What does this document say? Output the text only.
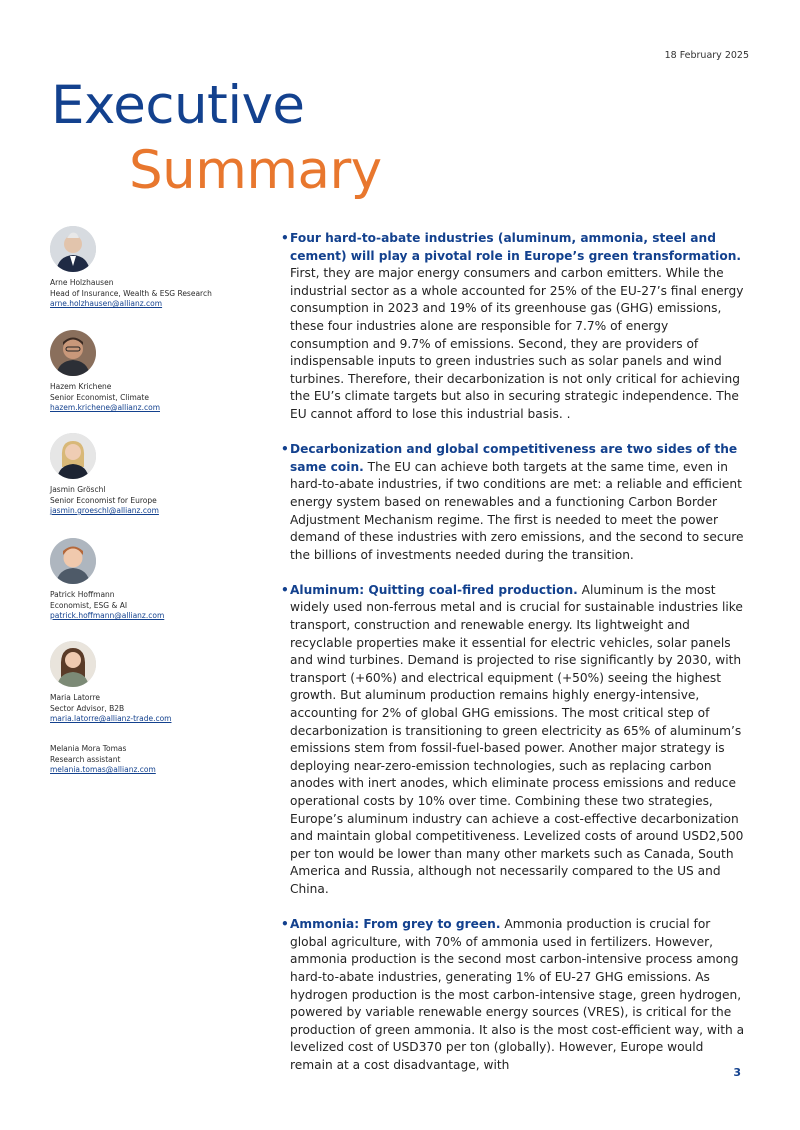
18 February 2025
Executive
Summary
Arne Holzhausen
Head of Insurance, Wealth & ESG Research
arne.holzhausen@allianz.com
Hazem Krichene
Senior Economist, Climate
hazem.krichene@allianz.com
Jasmin Gröschl
Senior Economist for Europe
jasmin.groeschl@allianz.com
Patrick Hoffmann
Economist, ESG & AI
patrick.hoffmann@allianz.com
Maria Latorre
Sector Advisor, B2B
maria.latorre@allianz-trade.com
Melania Mora Tomas
Research assistant
melania.tomas@allianz.com

• Four hard-to-abate industries (aluminum, ammonia, steel and cement) will play a pivotal role in Europe’s green transformation. First, they are major energy consumers and carbon emitters. While the industrial sector as a whole accounted for 25% of the EU-27’s final energy consumption in 2023 and 19% of its greenhouse gas (GHG) emissions, these four industries alone are responsible for 7.7% of energy consumption and 9.7% of emissions. Second, they are providers of indispensable inputs to green industries such as solar panels and wind turbines. Therefore, their decarbonization is not only critical for achieving the EU’s climate targets but also in securing strategic independence. The EU cannot afford to lose this industrial basis. .

• Decarbonization and global competitiveness are two sides of the same coin. The EU can achieve both targets at the same time, even in hard-to-abate industries, if two conditions are met: a reliable and efficient energy system based on renewables and a functioning Carbon Border Adjustment Mechanism regime. The first is needed to meet the power demand of these industries with zero emissions, and the second to secure the billions of investments needed during the transition.

• Aluminum: Quitting coal-fired production. Aluminum is the most widely used non-ferrous metal and is crucial for sustainable industries like transport, construction and renewable energy. Its lightweight and recyclable properties make it essential for electric vehicles, solar panels and wind turbines. Demand is projected to rise significantly by 2030, with transport (+60%) and electrical equipment (+50%) seeing the highest growth. But aluminum production remains highly energy-intensive, accounting for 2% of global GHG emissions. The most critical step of decarbonization is transitioning to green electricity as 65% of aluminum’s emissions stem from fossil-fuel-based power. Another major strategy is deploying near-zero-emission technologies, such as replacing carbon anodes with inert anodes, which eliminate process emissions and reduce operational costs by 10% over time. Combining these two strategies, Europe’s aluminum industry can achieve a cost-effective decarbonization and maintain global competitiveness. Levelized costs of around USD2,500 per ton would be lower than many other markets such as Canada, South America and Russia, although not necessarily compared to the US and China.

• Ammonia: From grey to green. Ammonia production is crucial for global agriculture, with 70% of ammonia used in fertilizers. However, ammonia production is the second most carbon-intensive process among hard-to-abate industries, generating 1% of EU-27 GHG emissions. As hydrogen production is the most carbon-intensive stage, green hydrogen, powered by variable renewable energy sources (VRES), is critical for the production of green ammonia. It also is the most cost-efficient way, with a levelized cost of USD370 per ton (globally). However, Europe would remain at a cost disadvantage, with

3
